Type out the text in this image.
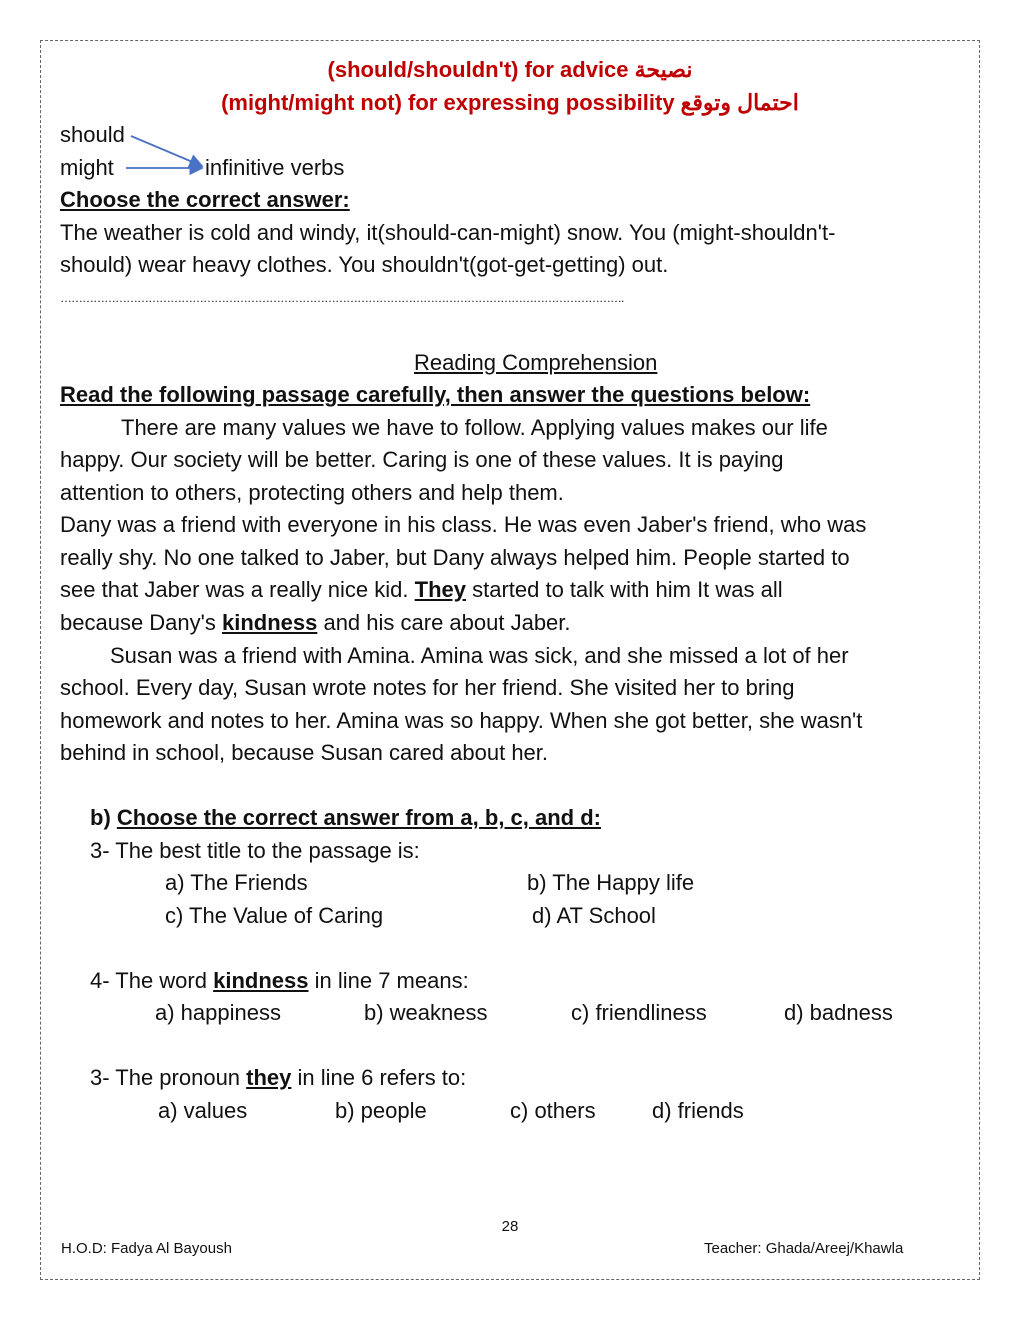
(should/shouldn't) for advice نصيحة
(might/might not) for expressing possibility احتمال وتوقع
should
might	infinitive verbs
Choose the correct answer:
The weather is cold and windy, it(should-can-might) snow. You (might-shouldn't-
should) wear heavy clothes. You shouldn't(got-get-getting) out.
……………………………………………………………………………………………………………………………………….
Reading Comprehension
Read the following passage carefully, then answer the questions below:
There are many values we have to follow. Applying values makes our life
happy. Our society will be better. Caring is one of these values. It is paying
attention to others, protecting others and help them.
Dany was a friend with everyone in his class. He was even Jaber's friend, who was
really shy. No one talked to Jaber, but Dany always helped him. People started to
see that Jaber was a really nice kid. They started to talk with him It was all
because Dany's kindness and his care about Jaber.
Susan was a friend with Amina. Amina was sick, and she missed a lot of her
school. Every day, Susan wrote notes for her friend. She visited her to bring
homework and notes to her. Amina was so happy. When she got better, she wasn't
behind in school, because Susan cared about her.
b) Choose the correct answer from a, b, c, and d:
3- The best title to the passage is:
a) The Friends	b) The Happy life
c) The Value of Caring	d) AT School
4- The word kindness in line 7 means:
a) happiness	b) weakness	c) friendliness	d) badness
3- The pronoun they in line 6 refers to:
a) values	b) people	c) others	d) friends
28
H.O.D: Fadya Al Bayoush	Teacher: Ghada/Areej/Khawla
